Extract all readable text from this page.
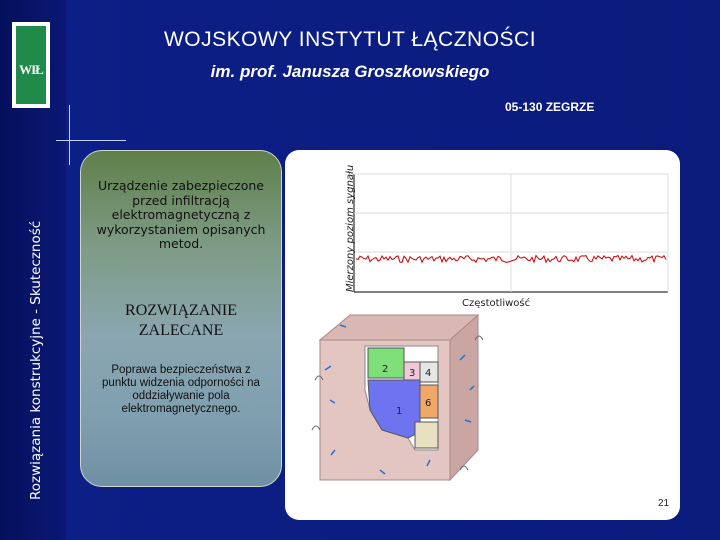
WIŁ
Rozwiązania konstrukcyjne - Skuteczność
WOJSKOWY INSTYTUT ŁĄCZNOŚCI
im. prof. Janusza Groszkowskiego
05-130 ZEGRZE
Urządzenie zabezpieczone przed infiltracją elektromagnetyczną z wykorzystaniem opisanych metod.
ROZWIĄZANIE ZALECANE
Poprawa bezpieczeństwa z punktu widzenia odporności na oddziaływanie pola elektromagnetycznego.
Mierzony poziom sygnału
Częstotliwość
2 3 4
1
6
21
